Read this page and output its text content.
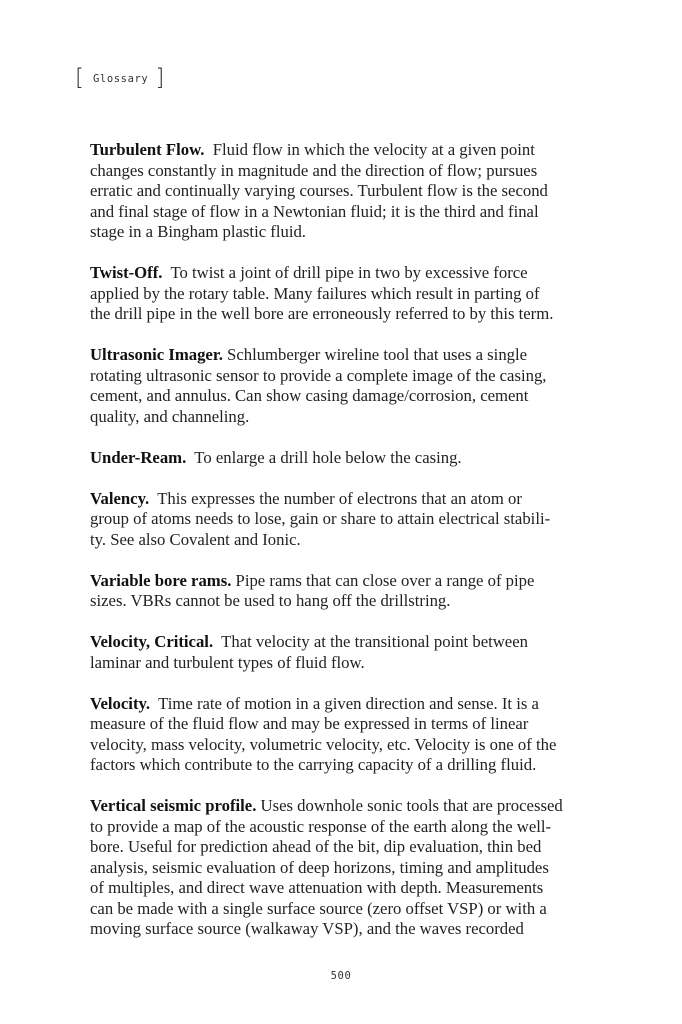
[ Glossary ]
Turbulent Flow. Fluid flow in which the velocity at a given point
changes constantly in magnitude and the direction of flow; pursues
erratic and continually varying courses. Turbulent flow is the second
and final stage of flow in a Newtonian fluid; it is the third and final
stage in a Bingham plastic fluid.
Twist-Off. To twist a joint of drill pipe in two by excessive force
applied by the rotary table. Many failures which result in parting of
the drill pipe in the well bore are erroneously referred to by this term.
Ultrasonic Imager. Schlumberger wireline tool that uses a single
rotating ultrasonic sensor to provide a complete image of the casing,
cement, and annulus. Can show casing damage/corrosion, cement
quality, and channeling.
Under-Ream. To enlarge a drill hole below the casing.
Valency. This expresses the number of electrons that an atom or
group of atoms needs to lose, gain or share to attain electrical stabili-
ty. See also Covalent and Ionic.
Variable bore rams. Pipe rams that can close over a range of pipe
sizes. VBRs cannot be used to hang off the drillstring.
Velocity, Critical. That velocity at the transitional point between
laminar and turbulent types of fluid flow.
Velocity. Time rate of motion in a given direction and sense. It is a
measure of the fluid flow and may be expressed in terms of linear
velocity, mass velocity, volumetric velocity, etc. Velocity is one of the
factors which contribute to the carrying capacity of a drilling fluid.
Vertical seismic profile. Uses downhole sonic tools that are processed
to provide a map of the acoustic response of the earth along the well-
bore. Useful for prediction ahead of the bit, dip evaluation, thin bed
analysis, seismic evaluation of deep horizons, timing and amplitudes
of multiples, and direct wave attenuation with depth. Measurements
can be made with a single surface source (zero offset VSP) or with a
moving surface source (walkaway VSP), and the waves recorded
500
